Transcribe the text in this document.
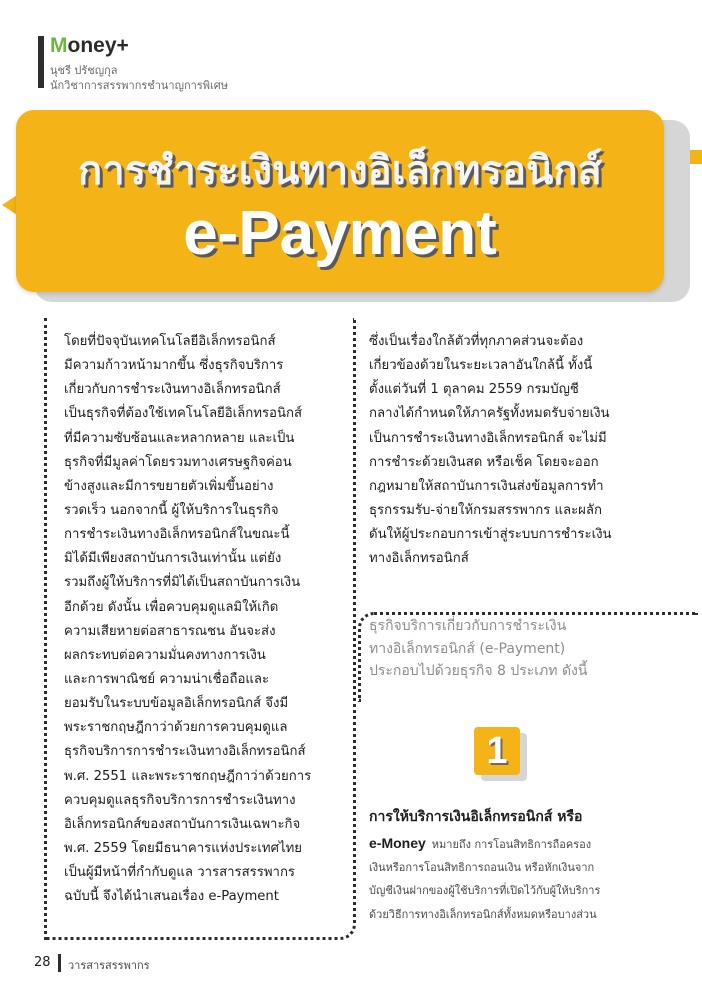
Money+
นุชรี ปรัชญกุล
นักวิชาการสรรพากรชำนาญการพิเศษ
การชำระเงินทางอิเล็กทรอนิกส์
e-Payment
โดยที่ปัจจุบันเทคโนโลยีอิเล็กทรอนิกส์
มีความก้าวหน้ามากขึ้น ซึ่งธุรกิจบริการ
เกี่ยวกับการชำระเงินทางอิเล็กทรอนิกส์
เป็นธุรกิจที่ต้องใช้เทคโนโลยีอิเล็กทรอนิกส์
ที่มีความซับซ้อนและหลากหลาย และเป็น
ธุรกิจที่มีมูลค่าโดยรวมทางเศรษฐกิจค่อน
ข้างสูงและมีการขยายตัวเพิ่มขึ้นอย่าง
รวดเร็ว นอกจากนี้ ผู้ให้บริการในธุรกิจ
การชำระเงินทางอิเล็กทรอนิกส์ในขณะนี้
มิได้มีเพียงสถาบันการเงินเท่านั้น แต่ยัง
รวมถึงผู้ให้บริการที่มิได้เป็นสถาบันการเงิน
อีกด้วย ดังนั้น เพื่อควบคุมดูแลมิให้เกิด
ความเสียหายต่อสาธารณชน อันจะส่ง
ผลกระทบต่อความมั่นคงทางการเงิน
และการพาณิชย์ ความน่าเชื่อถือและ
ยอมรับในระบบข้อมูลอิเล็กทรอนิกส์ จึงมี
พระราชกฤษฎีกาว่าด้วยการควบคุมดูแล
ธุรกิจบริการการชำระเงินทางอิเล็กทรอนิกส์
พ.ศ. 2551 และพระราชกฤษฎีกาว่าด้วยการ
ควบคุมดูแลธุรกิจบริการการชำระเงินทาง
อิเล็กทรอนิกส์ของสถาบันการเงินเฉพาะกิจ
พ.ศ. 2559 โดยมีธนาคารแห่งประเทศไทย
เป็นผู้มีหน้าที่กำกับดูแล วารสารสรรพากร
ฉบับนี้ จึงได้นำเสนอเรื่อง e-Payment
ซึ่งเป็นเรื่องใกล้ตัวที่ทุกภาคส่วนจะต้อง
เกี่ยวข้องด้วยในระยะเวลาอันใกล้นี้ ทั้งนี้
ตั้งแต่วันที่ 1 ตุลาคม 2559 กรมบัญชี
กลางได้กำหนดให้ภาครัฐทั้งหมดรับจ่ายเงิน
เป็นการชำระเงินทางอิเล็กทรอนิกส์ จะไม่มี
การชำระด้วยเงินสด หรือเช็ค โดยจะออก
กฎหมายให้สถาบันการเงินส่งข้อมูลการทำ
ธุรกรรมรับ-จ่ายให้กรมสรรพากร และผลัก
ดันให้ผู้ประกอบการเข้าสู่ระบบการชำระเงิน
ทางอิเล็กทรอนิกส์
ธุรกิจบริการเกี่ยวกับการชำระเงิน
ทางอิเล็กทรอนิกส์ (e-Payment)
ประกอบไปด้วยธุรกิจ 8 ประเภท ดังนี้
1
การให้บริการเงินอิเล็กทรอนิกส์ หรือ
e-Money หมายถึง การโอนสิทธิการถือครอง
เงินหรือการโอนสิทธิการถอนเงิน หรือหักเงินจาก
บัญชีเงินฝากของผู้ใช้บริการที่เปิดไว้กับผู้ให้บริการ
ด้วยวิธีการทางอิเล็กทรอนิกส์ทั้งหมดหรือบางส่วน
28 วารสารสรรพากร
